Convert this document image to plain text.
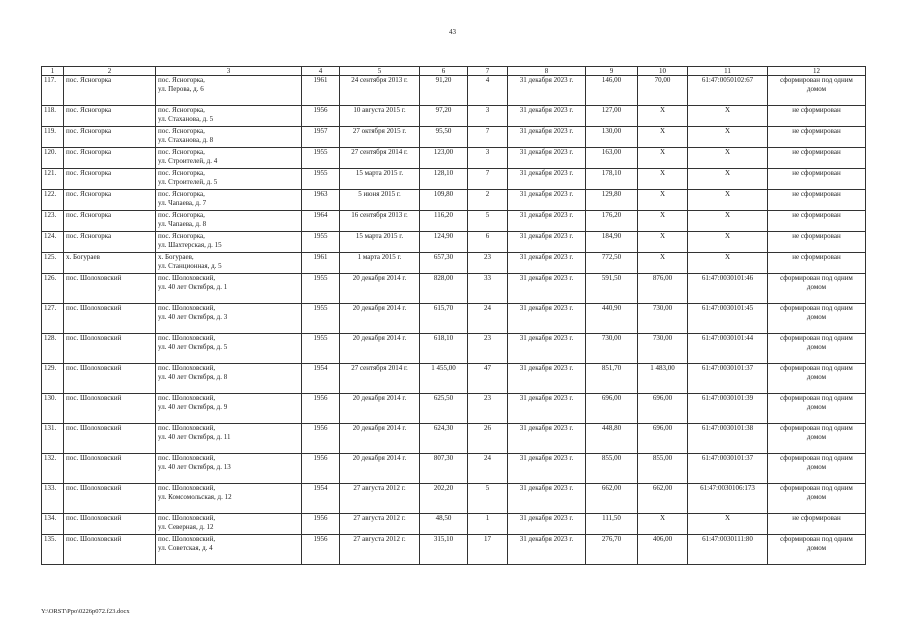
43
1	2	3	4	5	6	7	8	9	10	11	12
117.	пос. Ясногорка	пос. Ясногорка,
ул. Перова, д. 6	1961	24 сентября 2013 г.	91,20	4	31 декабря 2023 г.	146,00	70,00	61:47:0050102:67	сформирован под одним домом
118.	пос. Ясногорка	пос. Ясногорка,
ул. Стаханова, д. 5	1956	10 августа 2015 г.	97,20	3	31 декабря 2023 г.	127,00	Х	Х	не сформирован
119.	пос. Ясногорка	пос. Ясногорка,
ул. Стаханова, д. 8	1957	27 октября 2015 г.	95,50	7	31 декабря 2023 г.	130,00	Х	Х	не сформирован
120.	пос. Ясногорка	пос. Ясногорка,
ул. Строителей, д. 4	1955	27 сентября 2014 г.	123,00	3	31 декабря 2023 г.	163,00	Х	Х	не сформирован
121.	пос. Ясногорка	пос. Ясногорка,
ул. Строителей, д. 5	1955	15 марта 2015 г.	128,10	7	31 декабря 2023 г.	178,10	Х	Х	не сформирован
122.	пос. Ясногорка	пос. Ясногорка,
ул. Чапаева, д. 7	1963	5 июня 2015 г.	109,80	2	31 декабря 2023 г.	129,80	Х	Х	не сформирован
123.	пос. Ясногорка	пос. Ясногорка,
ул. Чапаева, д. 8	1964	16 сентября 2013 г.	116,20	5	31 декабря 2023 г.	176,20	Х	Х	не сформирован
124.	пос. Ясногорка	пос. Ясногорка,
ул. Шахтерская, д. 15	1955	15 марта 2015 г.	124,90	6	31 декабря 2023 г.	184,90	Х	Х	не сформирован
125.	х. Богураев	х. Богураев,
ул. Станционная, д. 5	1961	1 марта 2015 г.	657,30	23	31 декабря 2023 г.	772,50	Х	Х	не сформирован
126.	пос. Шолоховский	пос. Шолоховский,
ул. 40 лет Октября, д. 1	1955	20 декабря 2014 г.	828,00	33	31 декабря 2023 г.	591,50	876,00	61:47:0030101:46	сформирован под одним домом
127.	пос. Шолоховский	пос. Шолоховский,
ул. 40 лет Октября, д. 3	1955	20 декабря 2014 г.	615,70	24	31 декабря 2023 г.	440,90	730,00	61:47:0030101:45	сформирован под одним домом
128.	пос. Шолоховский	пос. Шолоховский,
ул. 40 лет Октября, д. 5	1955	20 декабря 2014 г.	618,10	23	31 декабря 2023 г.	730,00	730,00	61:47:0030101:44	сформирован под одним домом
129.	пос. Шолоховский	пос. Шолоховский,
ул. 40 лет Октября, д. 8	1954	27 сентября 2014 г.	1 455,00	47	31 декабря 2023 г.	851,70	1 483,00	61:47:0030101:37	сформирован под одним домом
130.	пос. Шолоховский	пос. Шолоховский,
ул. 40 лет Октября, д. 9	1956	20 декабря 2014 г.	625,50	23	31 декабря 2023 г.	696,00	696,00	61:47:0030101:39	сформирован под одним домом
131.	пос. Шолоховский	пос. Шолоховский,
ул. 40 лет Октября, д. 11	1956	20 декабря 2014 г.	624,30	26	31 декабря 2023 г.	448,80	696,00	61:47:0030101:38	сформирован под одним домом
132.	пос. Шолоховский	пос. Шолоховский,
ул. 40 лет Октября, д. 13	1956	20 декабря 2014 г.	807,30	24	31 декабря 2023 г.	855,00	855,00	61:47:0030101:37	сформирован под одним домом
133.	пос. Шолоховский	пос. Шолоховский,
ул. Комсомольская, д. 12	1954	27 августа 2012 г.	202,20	5	31 декабря 2023 г.	662,00	662,00	61:47:0030106:173	сформирован под одним домом
134.	пос. Шолоховский	пос. Шолоховский,
ул. Северная, д. 12	1956	27 августа 2012 г.	48,50	1	31 декабря 2023 г.	111,50	Х	Х	не сформирован
135.	пос. Шолоховский	пос. Шолоховский,
ул. Советская, д. 4	1956	27 августа 2012 г.	315,10	17	31 декабря 2023 г.	276,70	406,00	61:47:0030111:80	сформирован под одним домом
Y:\ORST\Ppo\0226p072.f23.docx
